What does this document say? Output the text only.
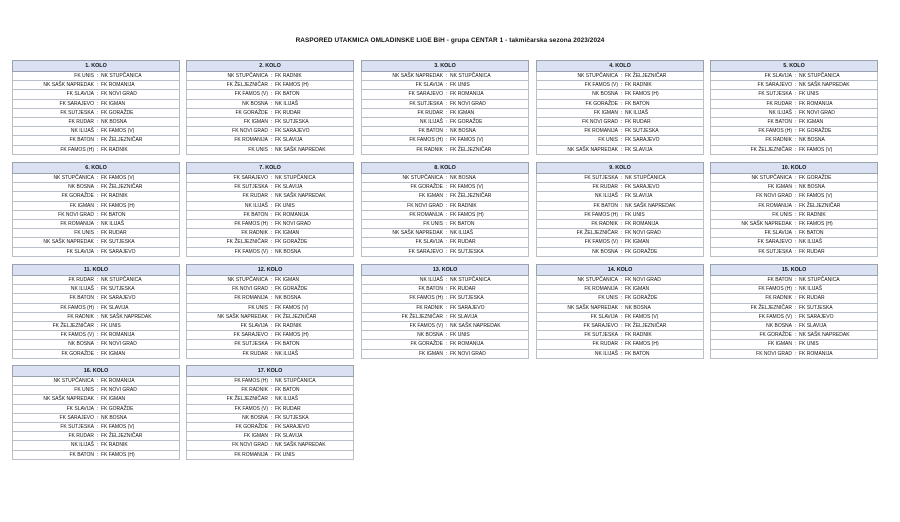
RASPORED UTAKMICA OMLADINSKE LIGE BiH - grupa CENTAR 1 - takmičarska sezona 2023/2024
1. KOLO
FK UNIS : NK STUPČANICA
NK SAŠK NAPREDAK : FK ROMANIJA
FK SLAVIJA : FK NOVI GRAD
FK SARAJEVO : FK IGMAN
FK SUTJESKA : FK GORAŽDE
FK RUDAR : NK BOSNA
NK ILIJAŠ : FK FAMOS (V)
FK BATON : FK ŽELJEZNIČAR
FK FAMOS (H) : FK RADNIK
2. KOLO
NK STUPČANICA : FK RADNIK
FK ŽELJEZNIČAR : FK FAMOS (H)
FK FAMOS (V) : FK BATON
NK BOSNA : NK ILIJAŠ
FK GORAŽDE : FK RUDAR
FK IGMAN : FK SUTJESKA
FK NOVI GRAD : FK SARAJEVO
FK ROMANIJA : FK SLAVIJA
FK UNIS : NK SAŠK NAPREDAK
3. KOLO
NK SAŠK NAPREDAK : NK STUPČANICA
FK SLAVIJA : FK UNIS
FK SARAJEVO : FK ROMANIJA
FK SUTJESKA : FK NOVI GRAD
FK RUDAR : FK IGMAN
NK ILIJAŠ : FK GORAŽDE
FK BATON : NK BOSNA
FK FAMOS (H) : FK FAMOS (V)
FK RADNIK : FK ŽELJEZNIČAR
4. KOLO
NK STUPČANICA : FK ŽELJEZNIČAR
FK FAMOS (V) : FK RADNIK
NK BOSNA : FK FAMOS (H)
FK GORAŽDE : FK BATON
FK IGMAN : NK ILIJAŠ
FK NOVI GRAD : FK RUDAR
FK ROMANIJA : FK SUTJESKA
FK UNIS : FK SARAJEVO
NK SAŠK NAPREDAK : FK SLAVIJA
5. KOLO
FK SLAVIJA : NK STUPČANICA
FK SARAJEVO : NK SAŠK NAPREDAK
FK SUTJESKA : FK UNIS
FK RUDAR : FK ROMANIJA
NK ILIJAŠ : FK NOVI GRAD
FK BATON : FK IGMAN
FK FAMOS (H) : FK GORAŽDE
FK RADNIK : NK BOSNA
FK ŽELJEZNIČAR : FK FAMOS (V)
6. KOLO
NK STUPČANICA : FK FAMOS (V)
NK BOSNA : FK ŽELJEZNIČAR
FK GORAŽDE : FK RADNIK
FK IGMAN : FK FAMOS (H)
FK NOVI GRAD : FK BATON
FK ROMANIJA : NK ILIJAŠ
FK UNIS : FK RUDAR
NK SAŠK NAPREDAK : FK SUTJESKA
FK SLAVIJA : FK SARAJEVO
7. KOLO
FK SARAJEVO : NK STUPČANICA
FK SUTJESKA : FK SLAVIJA
FK RUDAR : NK SAŠK NAPREDAK
NK ILIJAŠ : FK UNIS
FK BATON : FK ROMANIJA
FK FAMOS (H) : FK NOVI GRAD
FK RADNIK : FK IGMAN
FK ŽELJEZNIČAR : FK GORAŽDE
FK FAMOS (V) : NK BOSNA
8. KOLO
NK STUPČANICA : NK BOSNA
FK GORAŽDE : FK FAMOS (V)
FK IGMAN : FK ŽELJEZNIČAR
FK NOVI GRAD : FK RADNIK
FK ROMANIJA : FK FAMOS (H)
FK UNIS : FK BATON
NK SAŠK NAPREDAK : NK ILIJAŠ
FK SLAVIJA : FK RUDAR
FK SARAJEVO : FK SUTJESKA
9. KOLO
FK SUTJESKA : NK STUPČANICA
FK RUDAR : FK SARAJEVO
NK ILIJAŠ : FK SLAVIJA
FK BATON : NK SAŠK NAPREDAK
FK FAMOS (H) : FK UNIS
FK RADNIK : FK ROMANIJA
FK ŽELJEZNIČAR : FK NOVI GRAD
FK FAMOS (V) : FK IGMAN
NK BOSNA : FK GORAŽDE
10. KOLO
NK STUPČANICA : FK GORAŽDE
FK IGMAN : NK BOSNA
FK NOVI GRAD : FK FAMOS (V)
FK ROMANIJA : FK ŽELJEZNIČAR
FK UNIS : FK RADNIK
NK SAŠK NAPREDAK : FK FAMOS (H)
FK SLAVIJA : FK BATON
FK SARAJEVO : NK ILIJAŠ
FK SUTJESKA : FK RUDAR
11. KOLO
FK RUDAR : NK STUPČANICA
NK ILIJAŠ : FK SUTJESKA
FK BATON : FK SARAJEVO
FK FAMOS (H) : FK SLAVIJA
FK RADNIK : NK SAŠK NAPREDAK
FK ŽELJEZNIČAR : FK UNIS
FK FAMOS (V) : FK ROMANIJA
NK BOSNA : FK NOVI GRAD
FK GORAŽDE : FK IGMAN
12. KOLO
NK STUPČANICA : FK IGMAN
FK NOVI GRAD : FK GORAŽDE
FK ROMANIJA : NK BOSNA
FK UNIS : FK FAMOS (V)
NK SAŠK NAPREDAK : FK ŽELJEZNIČAR
FK SLAVIJA : FK RADNIK
FK SARAJEVO : FK FAMOS (H)
FK SUTJESKA : FK BATON
FK RUDAR : NK ILIJAŠ
13. KOLO
NK ILIJAŠ : NK STUPČANICA
FK BATON : FK RUDAR
FK FAMOS (H) : FK SUTJESKA
FK RADNIK : FK SARAJEVO
FK ŽELJEZNIČAR : FK SLAVIJA
FK FAMOS (V) : NK SAŠK NAPREDAK
NK BOSNA : FK UNIS
FK GORAŽDE : FK ROMANIJA
FK IGMAN : FK NOVI GRAD
14. KOLO
NK STUPČANICA : FK NOVI GRAD
FK ROMANIJA : FK IGMAN
FK UNIS : FK GORAŽDE
NK SAŠK NAPREDAK : NK BOSNA
FK SLAVIJA : FK FAMOS (V)
FK SARAJEVO : FK ŽELJEZNIČAR
FK SUTJESKA : FK RADNIK
FK RUDAR : FK FAMOS (H)
NK ILIJAŠ : FK BATON
15. KOLO
FK BATON : NK STUPČANICA
FK FAMOS (H) : NK ILIJAŠ
FK RADNIK : FK RUDAR
FK ŽELJEZNIČAR : FK SUTJESKA
FK FAMOS (V) : FK SARAJEVO
NK BOSNA : FK SLAVIJA
FK GORAŽDE : NK SAŠK NAPREDAK
FK IGMAN : FK UNIS
FK NOVI GRAD : FK ROMANIJA
16. KOLO
NK STUPČANICA : FK ROMANIJA
FK UNIS : FK NOVI GRAD
NK SAŠK NAPREDAK : FK IGMAN
FK SLAVIJA : FK GORAŽDE
FK SARAJEVO : NK BOSNA
FK SUTJESKA : FK FAMOS (V)
FK RUDAR : FK ŽELJEZNIČAR
NK ILIJAŠ : FK RADNIK
FK BATON : FK FAMOS (H)
17. KOLO
FK FAMOS (H) : NK STUPČANICA
FK RADNIK : FK BATON
FK ŽELJEZNIČAR : NK ILIJAŠ
FK FAMOS (V) : FK RUDAR
NK BOSNA : FK SUTJESKA
FK GORAŽDE : FK SARAJEVO
FK IGMAN : FK SLAVIJA
FK NOVI GRAD : NK SAŠK NAPREDAK
FK ROMANIJA : FK UNIS
